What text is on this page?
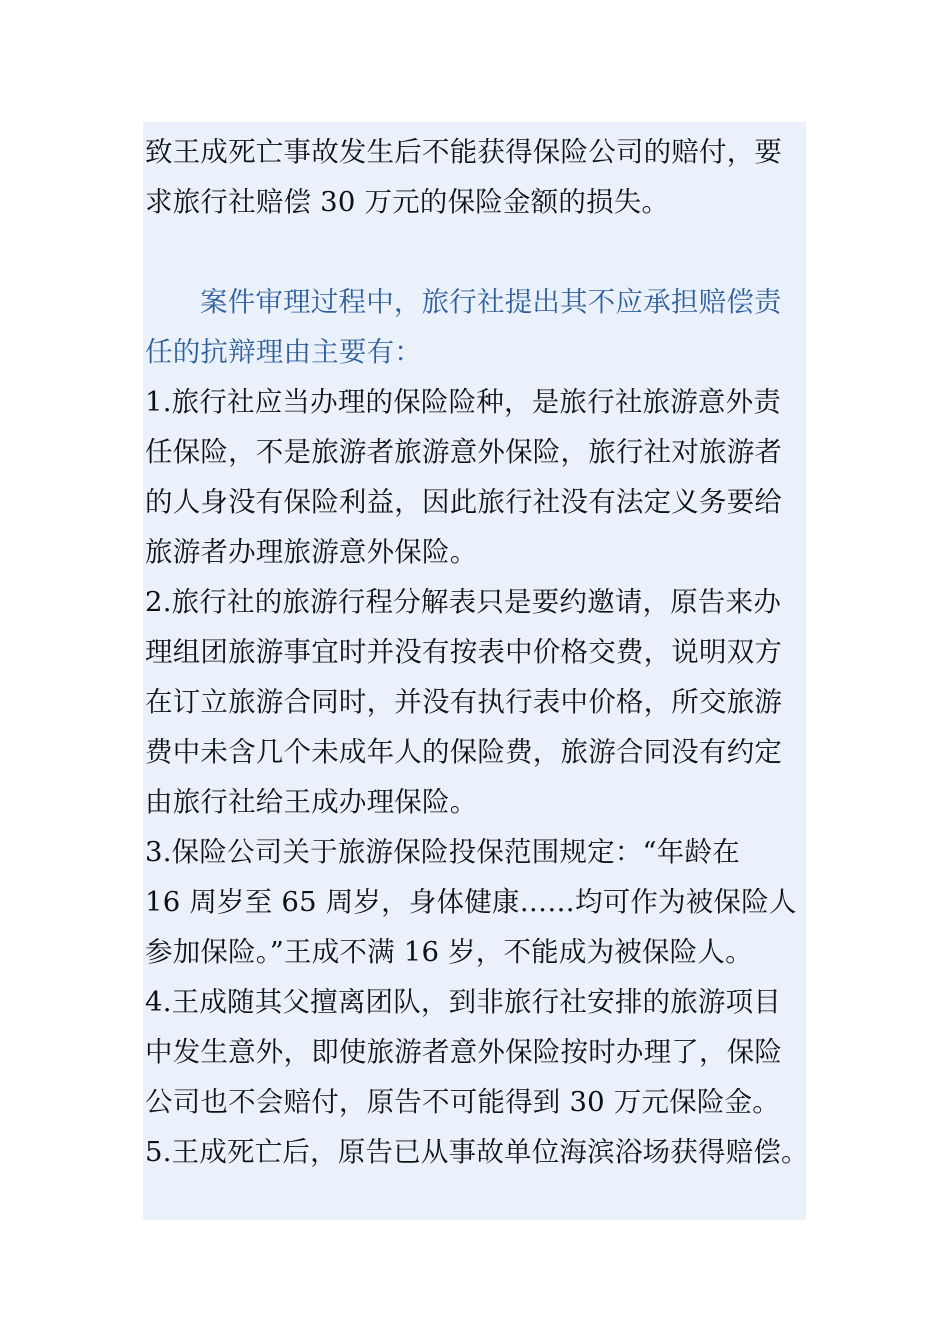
致王成死亡事故发生后不能获得保险公司的赔付，要
求旅行社赔偿 30 万元的保险金额的损失。
案件审理过程中，旅行社提出其不应承担赔偿责
任的抗辩理由主要有：
1.旅行社应当办理的保险险种，是旅行社旅游意外责
任保险，不是旅游者旅游意外保险，旅行社对旅游者
的人身没有保险利益，因此旅行社没有法定义务要给
旅游者办理旅游意外保险。
2.旅行社的旅游行程分解表只是要约邀请，原告来办
理组团旅游事宜时并没有按表中价格交费，说明双方
在订立旅游合同时，并没有执行表中价格，所交旅游
费中未含几个未成年人的保险费，旅游合同没有约定
由旅行社给王成办理保险。
3.保险公司关于旅游保险投保范围规定：“年龄在
16 周岁至 65 周岁，身体健康……均可作为被保险人
参加保险。”王成不满 16 岁，不能成为被保险人。
4.王成随其父擅离团队，到非旅行社安排的旅游项目
中发生意外，即使旅游者意外保险按时办理了，保险
公司也不会赔付，原告不可能得到 30 万元保险金。
5.王成死亡后，原告已从事故单位海滨浴场获得赔偿。
